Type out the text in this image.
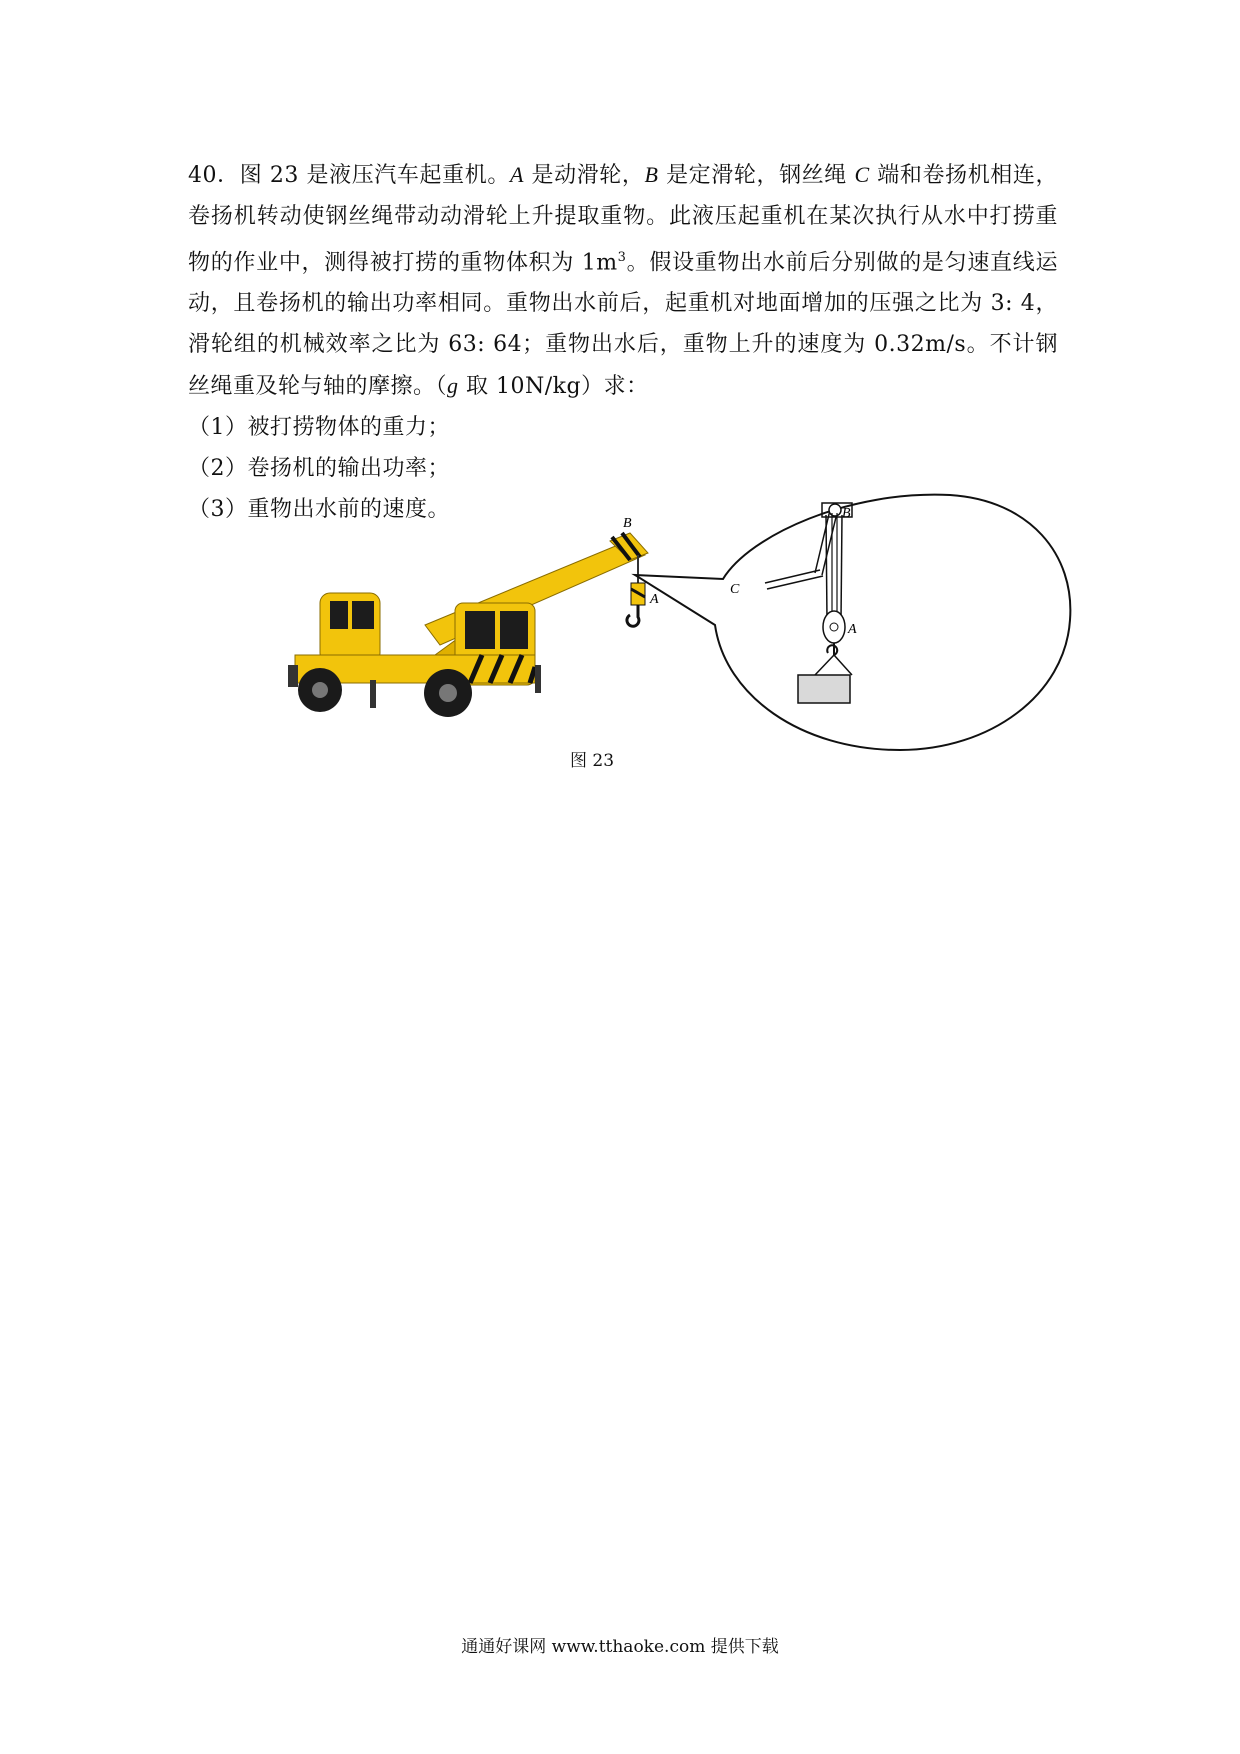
40．图 23 是液压汽车起重机。A 是动滑轮，B 是定滑轮，钢丝绳 C 端和卷扬机相连，卷扬机转动使钢丝绳带动动滑轮上升提取重物。此液压起重机在某次执行从水中打捞重物的作业中，测得被打捞的重物体积为 $1m^3$。假设重物出水前后分别做的是匀速直线运动，且卷扬机的输出功率相同。重物出水前后，起重机对地面增加的压强之比为 3: 4，滑轮组的机械效率之比为 63: 64；重物出水后，重物上升的速度为 0.32m/s。不计钢丝绳重及轮与轴的摩擦。（g 取 10N/kg）求：

（1）被打捞物体的重力；

（2）卷扬机的输出功率；

（3）重物出水前的速度。

B
A
B
C
A
图 23
通通好课网 www.tthaoke.com 提供下载
